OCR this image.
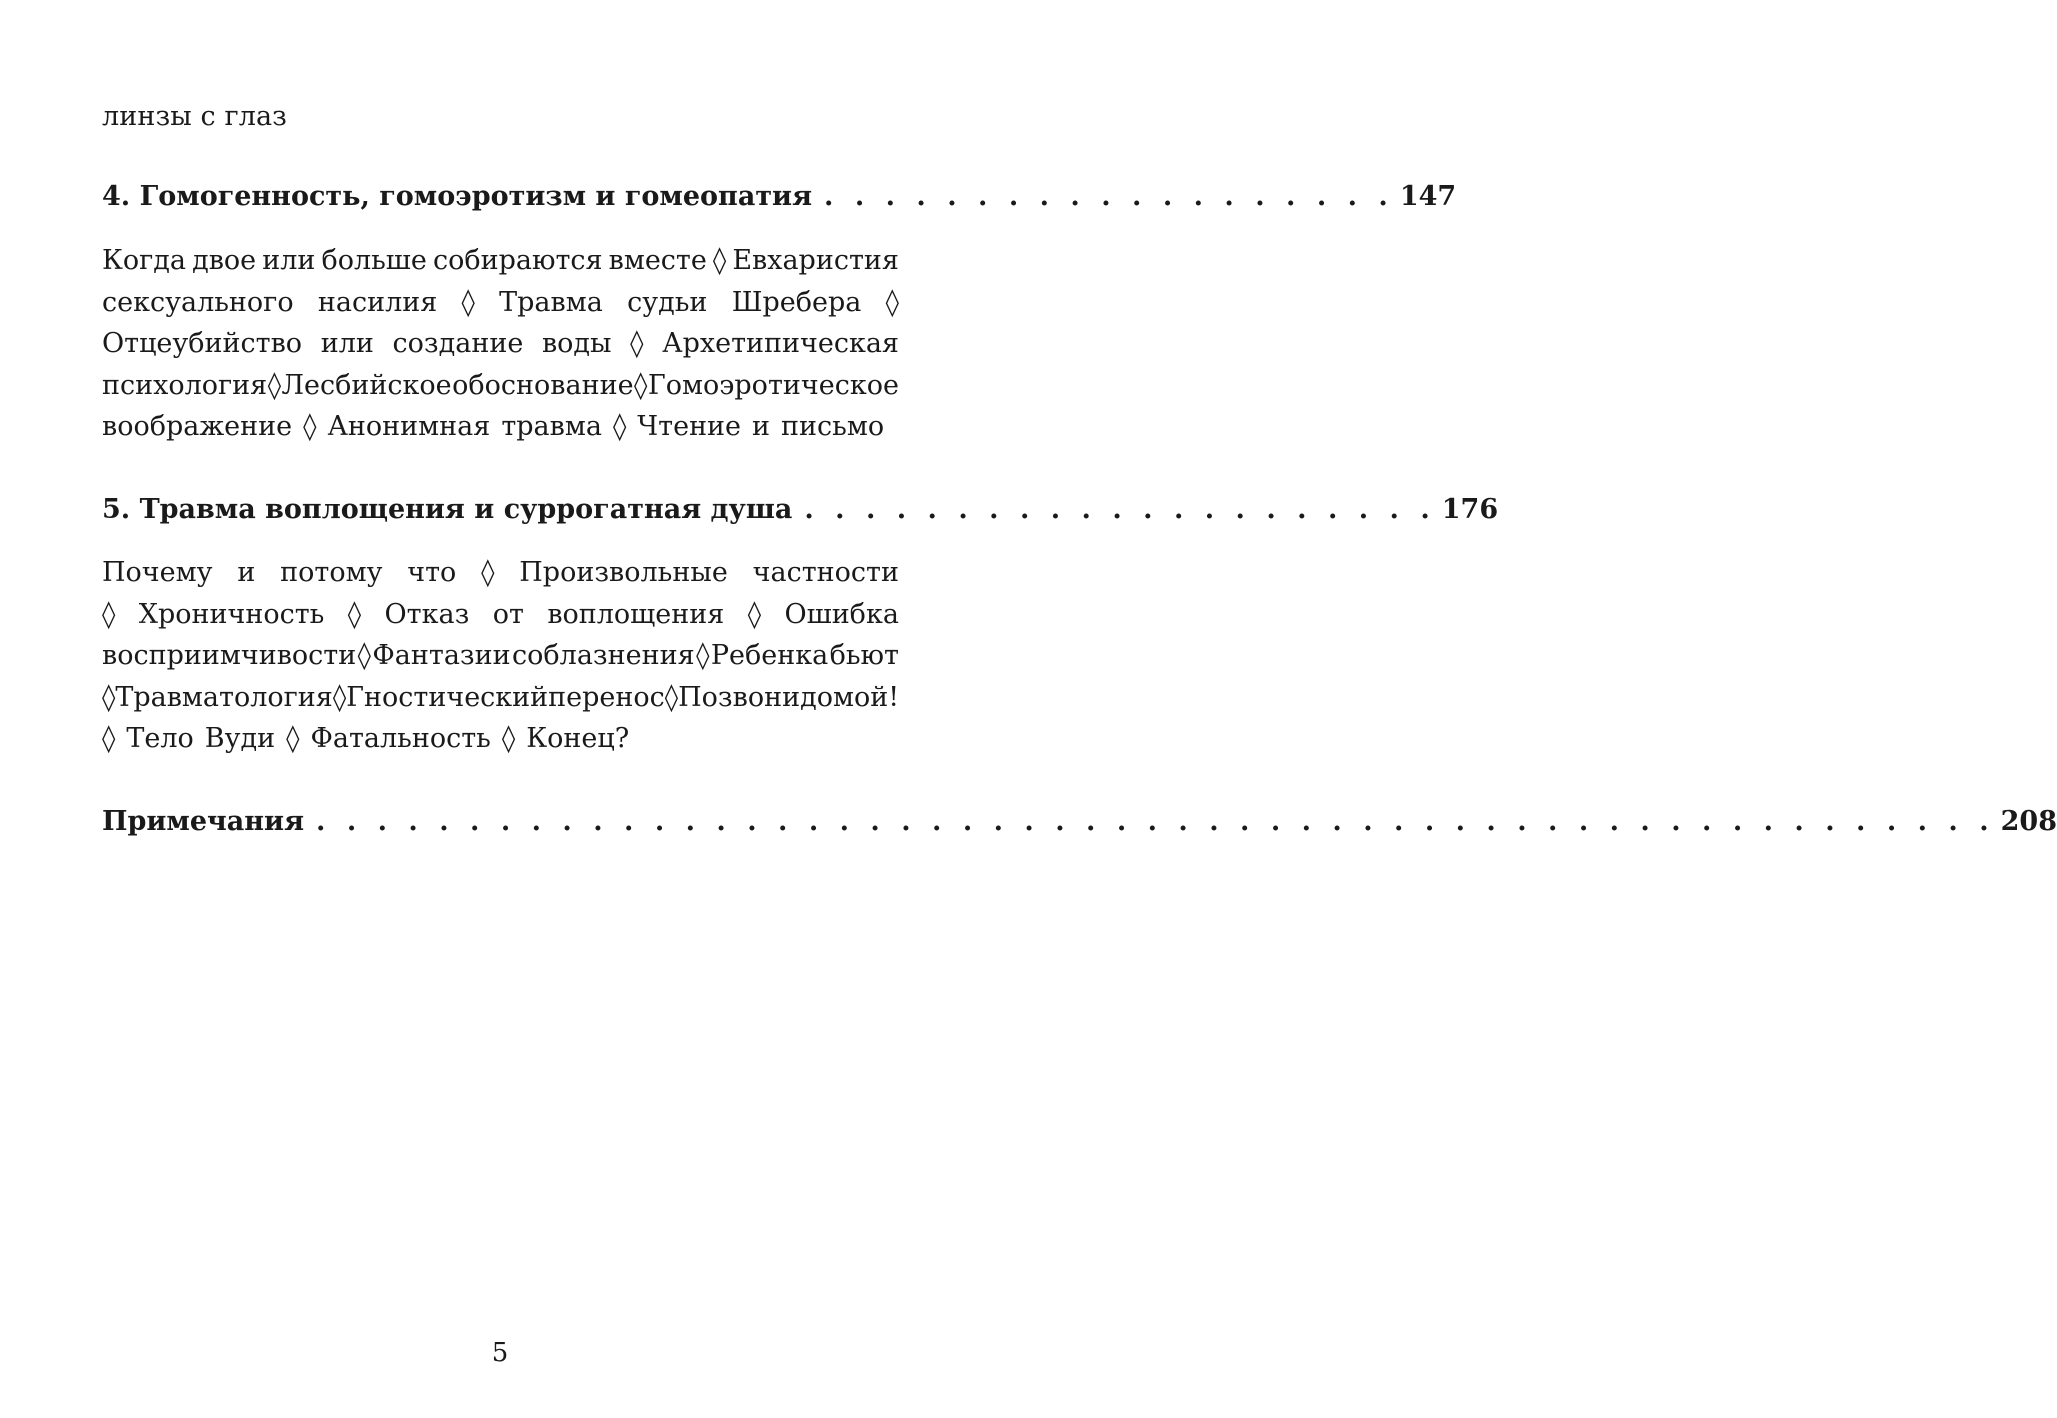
линзы с глаз
4. Гомогенность, гомоэротизм и гомеопатия . . . . . . . . . . . . . . . . . . . 147
Когда двое или больше собираются вместе ◊ Евхаристия
сексуального насилия ◊ Травма судьи Шребера ◊
Отцеубийство или создание воды ◊ Архетипическая
психология ◊ Лесбийское обоснование ◊ Гомоэротическое
воображение ◊ Анонимная травма ◊ Чтение и письмо
5. Травма воплощения и суррогатная душа . . . . . . . . . . . . . . . . . . . . . 176
Почему и потому что ◊ Произвольные частности
◊ Хроничность ◊ Отказ от воплощения ◊ Ошибка
восприимчивости ◊ Фантазии соблазнения ◊ Ребенка бьют
◊ Травматология ◊ Гностический перенос ◊ Позвони домой!
◊ Тело Вуди ◊ Фатальность ◊ Конец?
Примечания . . . . . . . . . . . . . . . . . . . . . . . . . . . . . . . . . . . . . . . . . . . . . . . . . . . . . . . 208
5
